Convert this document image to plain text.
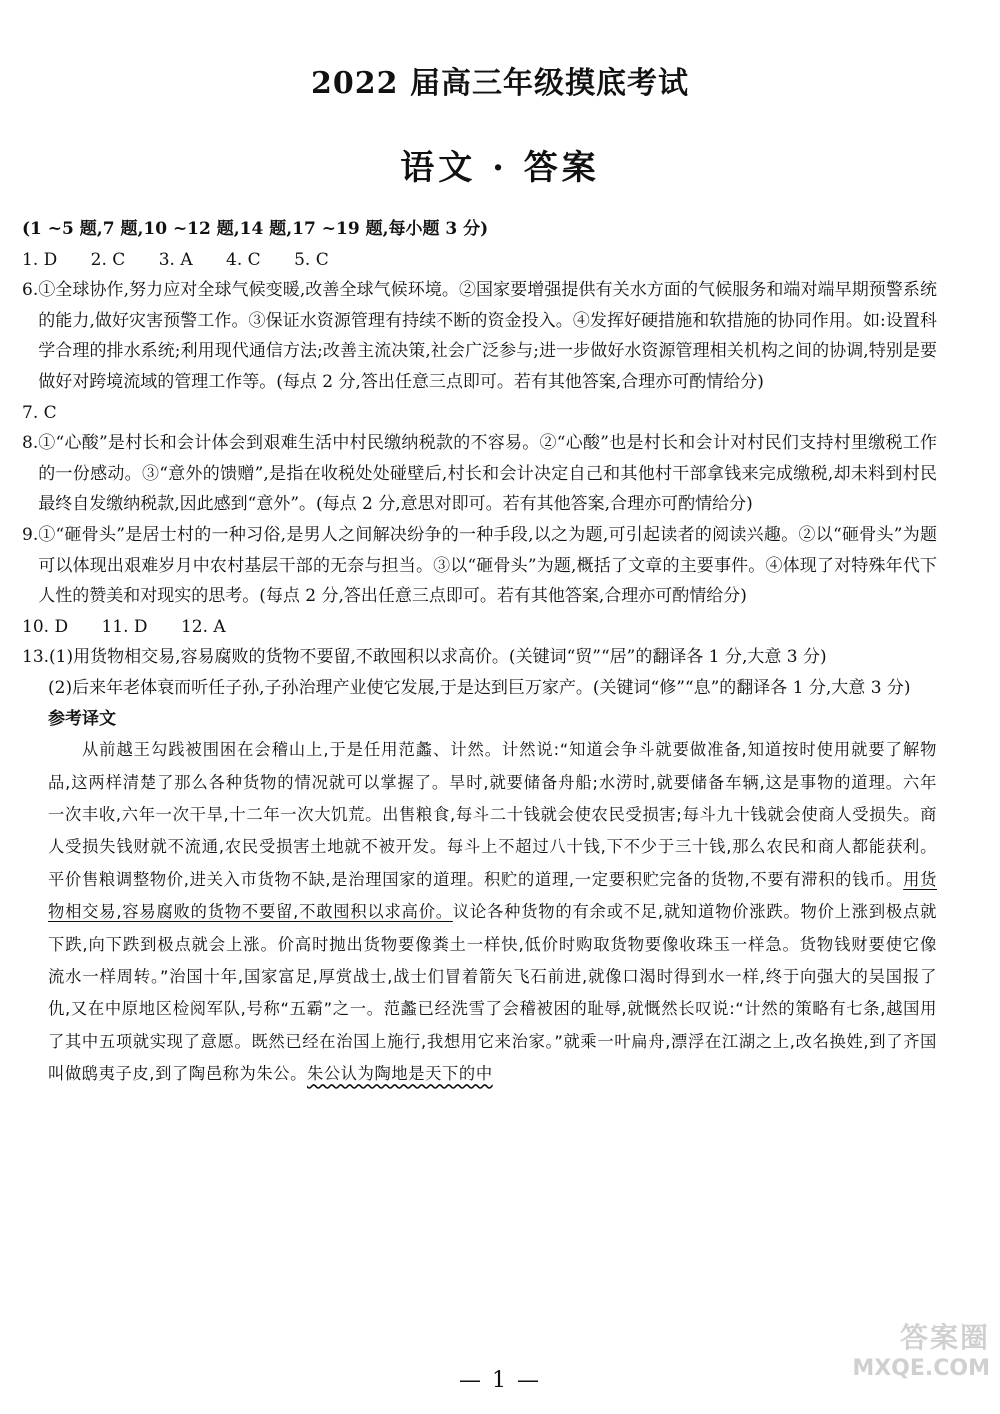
2022 届高三年级摸底考试
语文 · 答案

(1 ~5 题,7 题,10 ~12 题,14 题,17 ~19 题,每小题 3 分)

1. D 2. C 3. A 4. C 5. C

6. ①全球协作,努力应对全球气候变暖,改善全球气候环境。②国家要增强提供有关水方面的气候服务和端对端早期预警系统的能力,做好灾害预警工作。③保证水资源管理有持续不断的资金投入。④发挥好硬措施和软措施的协同作用。如:设置科学合理的排水系统;利用现代通信方法;改善主流决策,社会广泛参与;进一步做好水资源管理相关机构之间的协调,特别是要做好对跨境流域的管理工作等。(每点 2 分,答出任意三点即可。若有其他答案,合理亦可酌情给分)

7. C

8. ①“心酸”是村长和会计体会到艰难生活中村民缴纳税款的不容易。②“心酸”也是村长和会计对村民们支持村里缴税工作的一份感动。③“意外的馈赠”,是指在收税处处碰壁后,村长和会计决定自己和其他村干部拿钱来完成缴税,却未料到村民最终自发缴纳税款,因此感到“意外”。(每点 2 分,意思对即可。若有其他答案,合理亦可酌情给分)
9. ①“砸骨头”是居士村的一种习俗,是男人之间解决纷争的一种手段,以之为题,可引起读者的阅读兴趣。②以“砸骨头”为题可以体现出艰难岁月中农村基层干部的无奈与担当。③以“砸骨头”为题,概括了文章的主要事件。④体现了对特殊年代下人性的赞美和对现实的思考。(每点 2 分,答出任意三点即可。若有其他答案,合理亦可酌情给分)

10. D 11. D 12. A

13. (1)用货物相交易,容易腐败的货物不要留,不敢囤积以求高价。(关键词“贸”“居”的翻译各 1 分,大意 3 分)
(2)后来年老体衰而听任子孙,子孙治理产业使它发展,于是达到巨万家产。(关键词“修”“息”的翻译各 1 分,大意 3 分)
参考译文
从前越王勾践被围困在会稽山上,于是任用范蠡、计然。计然说:“知道会争斗就要做准备,知道按时使用就要了解物品,这两样清楚了那么各种货物的情况就可以掌握了。旱时,就要储备舟船;水涝时,就要储备车辆,这是事物的道理。六年一次丰收,六年一次干旱,十二年一次大饥荒。出售粮食,每斗二十钱就会使农民受损害;每斗九十钱就会使商人受损失。商人受损失钱财就不流通,农民受损害土地就不被开发。每斗上不超过八十钱,下不少于三十钱,那么农民和商人都能获利。平价售粮调整物价,进关入市货物不缺,是治理国家的道理。积贮的道理,一定要积贮完备的货物,不要有滞积的钱币。用货物相交易,容易腐败的货物不要留,不敢囤积以求高价。议论各种货物的有余或不足,就知道物价涨跌。物价上涨到极点就下跌,向下跌到极点就会上涨。价高时抛出货物要像粪土一样快,低价时购取货物要像收珠玉一样急。货物钱财要使它像流水一样周转。”治国十年,国家富足,厚赏战士,战士们冒着箭矢飞石前进,就像口渴时得到水一样,终于向强大的吴国报了仇,又在中原地区检阅军队,号称“五霸”之一。范蠡已经洗雪了会稽被困的耻辱,就慨然长叹说:“计然的策略有七条,越国用了其中五项就实现了意愿。既然已经在治国上施行,我想用它来治家。”就乘一叶扁舟,漂浮在江湖之上,改名换姓,到了齐国叫做鸱夷子皮,到了陶邑称为朱公。朱公认为陶地是天下的中
— 1 —
答案圈
MXQE.COM
